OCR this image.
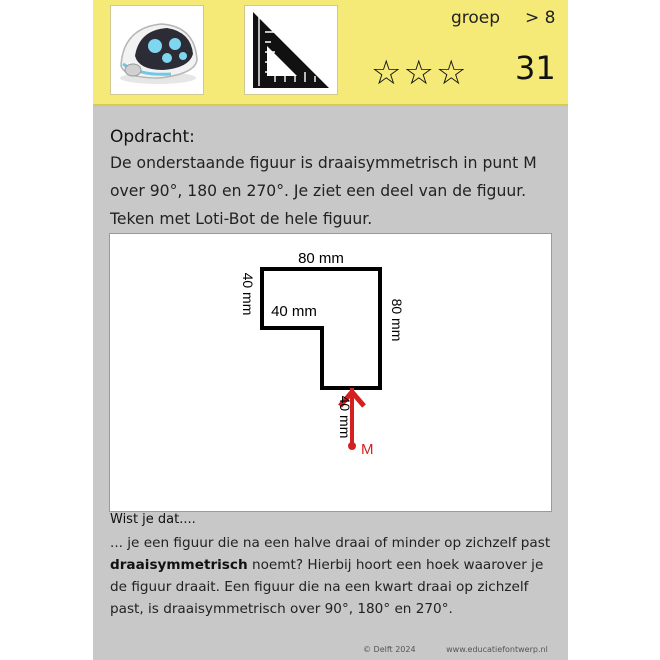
groep > 8
☆☆☆ 31
Opdracht:
De onderstaande figuur is draaisymmetrisch in punt M over 90°, 180 en 270°. Je ziet een deel van de figuur. Teken met Loti-Bot de hele figuur.
80 mm
40 mm 40 mm	80 mm
40 mm
M
Wist je dat....
... je een figuur die na een halve draai of minder op zichzelf past
draaisymmetrisch noemt? Hierbij hoort een hoek waarover je de figuur draait. Een figuur die na een kwart draai op zichzelf past, is draaisymmetrisch over 90°, 180° en 270°.
© Delft 2024	www.educatiefontwerp.nl
